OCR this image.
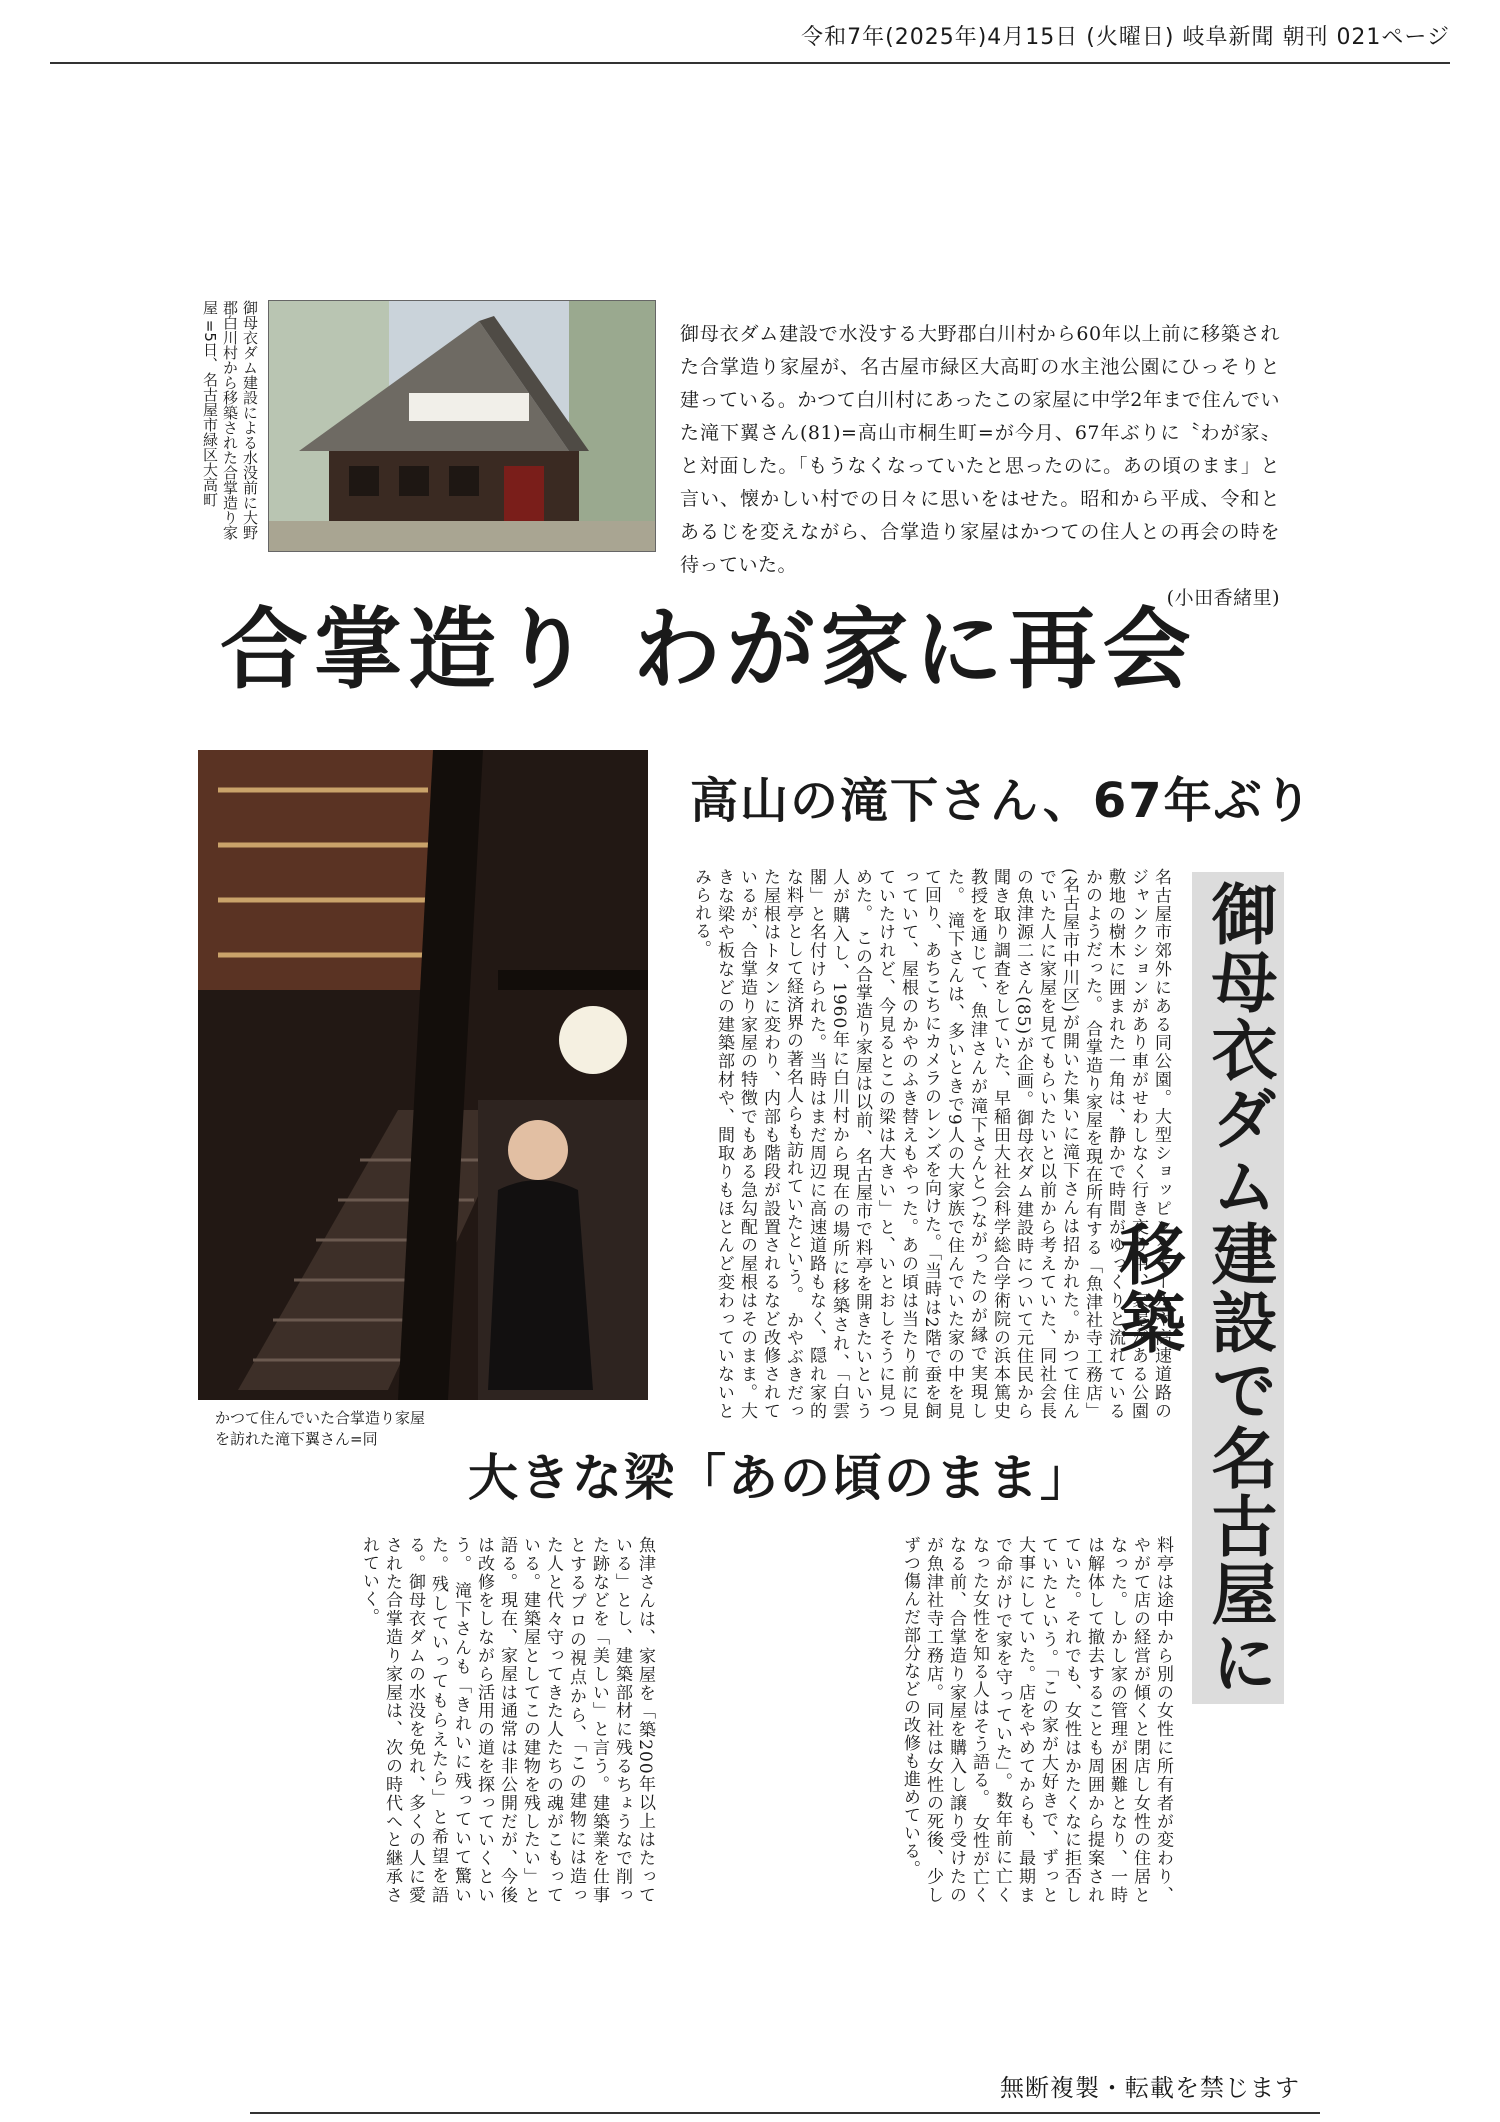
令和7年(2025年)4月15日 (火曜日) 岐阜新聞 朝刊 021ページ
御母衣ダム建設による水没前に大野郡白川村から移築された合掌造り家屋 =5日、名古屋市緑区大高町	御母衣ダム建設で水没する大野郡白川村から60年以上前に移築された合掌造り家屋が、名古屋市緑区大高町の水主池公園にひっそりと建っている。かつて白川村にあったこの家屋に中学2年まで住んでいた滝下翼さん(81)=高山市桐生町=が今月、67年ぶりに〝わが家〟と対面した。「もうなくなっていたと思ったのに。あの頃のまま」と言い、懐かしい村での日々に思いをはせた。昭和から平成、令和とあるじを変えながら、合掌造り家屋はかつての住人との再会の時を待っていた。
(小田香緒里)
合掌造り わが家に再会
高山の滝下さん、67年ぶり
かつて住んでいた合掌造り家屋を訪れた滝下翼さん=同
名古屋市郊外にある同公園。大型ショッピングモールや高速道路のジャンクションがあり車がせわしなく行き交う中、家屋がある公園敷地の樹木に囲まれた一角は、静かで時間がゆっくりと流れているかのようだった。 合掌造り家屋を現在所有する「魚津社寺工務店」(名古屋市中川区)が開いた集いに滝下さんは招かれた。かつて住んでいた人に家屋を見てもらいたいと以前から考えていた、同社会長の魚津源二さん(85)が企画。御母衣ダム建設時について元住民から聞き取り調査をしていた、早稲田大社会科学総合学術院の浜本篤史教授を通じて、魚津さんが滝下さんとつながったのが縁で実現した。 滝下さんは、多いときで9人の大家族で住んでいた家の中を見て回り、あちこちにカメラのレンズを向けた。「当時は2階で蚕を飼っていて、屋根のかやのふき替えもやった。あの頃は当たり前に見ていたけれど、今見るとこの梁は大きい」と、いとおしそうに見つめた。 この合掌造り家屋は以前、名古屋市で料亭を開きたいという人が購入し、1960年に白川村から現在の場所に移築され、「白雲閣」と名付けられた。当時はまだ周辺に高速道路もなく、隠れ家的な料亭として経済界の著名人らも訪れていたという。 かやぶきだった屋根はトタンに変わり、内部も階段が設置されるなど改修されているが、合掌造り家屋の特徴でもある急勾配の屋根はそのまま。大きな梁や板などの建築部材や、間取りもほとんど変わっていないとみられる。	御母衣ダム建設で名古屋に移築
大きな梁「あの頃のまま」
料亭は途中から別の女性に所有者が変わり、やがて店の経営が傾くと閉店し女性の住居となった。しかし家の管理が困難となり、一時は解体して撤去することも周囲から提案されていた。それでも、女性はかたくなに拒否していたという。「この家が大好きで、ずっと大事にしていた。店をやめてからも、最期まで命がけで家を守っていた」。数年前に亡くなった女性を知る人はそう語る。 女性が亡くなる前、合掌造り家屋を購入し譲り受けたのが魚津社寺工務店。同社は女性の死後、少しずつ傷んだ部分などの改修も進めている。
魚津さんは、家屋を「築200年以上はたっている」とし、建築部材に残るちょうなで削った跡などを「美しい」と言う。建築業を仕事とするプロの視点から、「この建物には造った人と代々守ってきた人たちの魂がこもっている。建築屋としてこの建物を残したい」と語る。現在、家屋は通常は非公開だが、今後は改修をしながら活用の道を探っていくという。 滝下さんも「きれいに残っていて驚いた。残していってもらえたら」と希望を語る。御母衣ダムの水没を免れ、多くの人に愛された合掌造り家屋は、次の時代へと継承されていく。
無断複製・転載を禁じます
